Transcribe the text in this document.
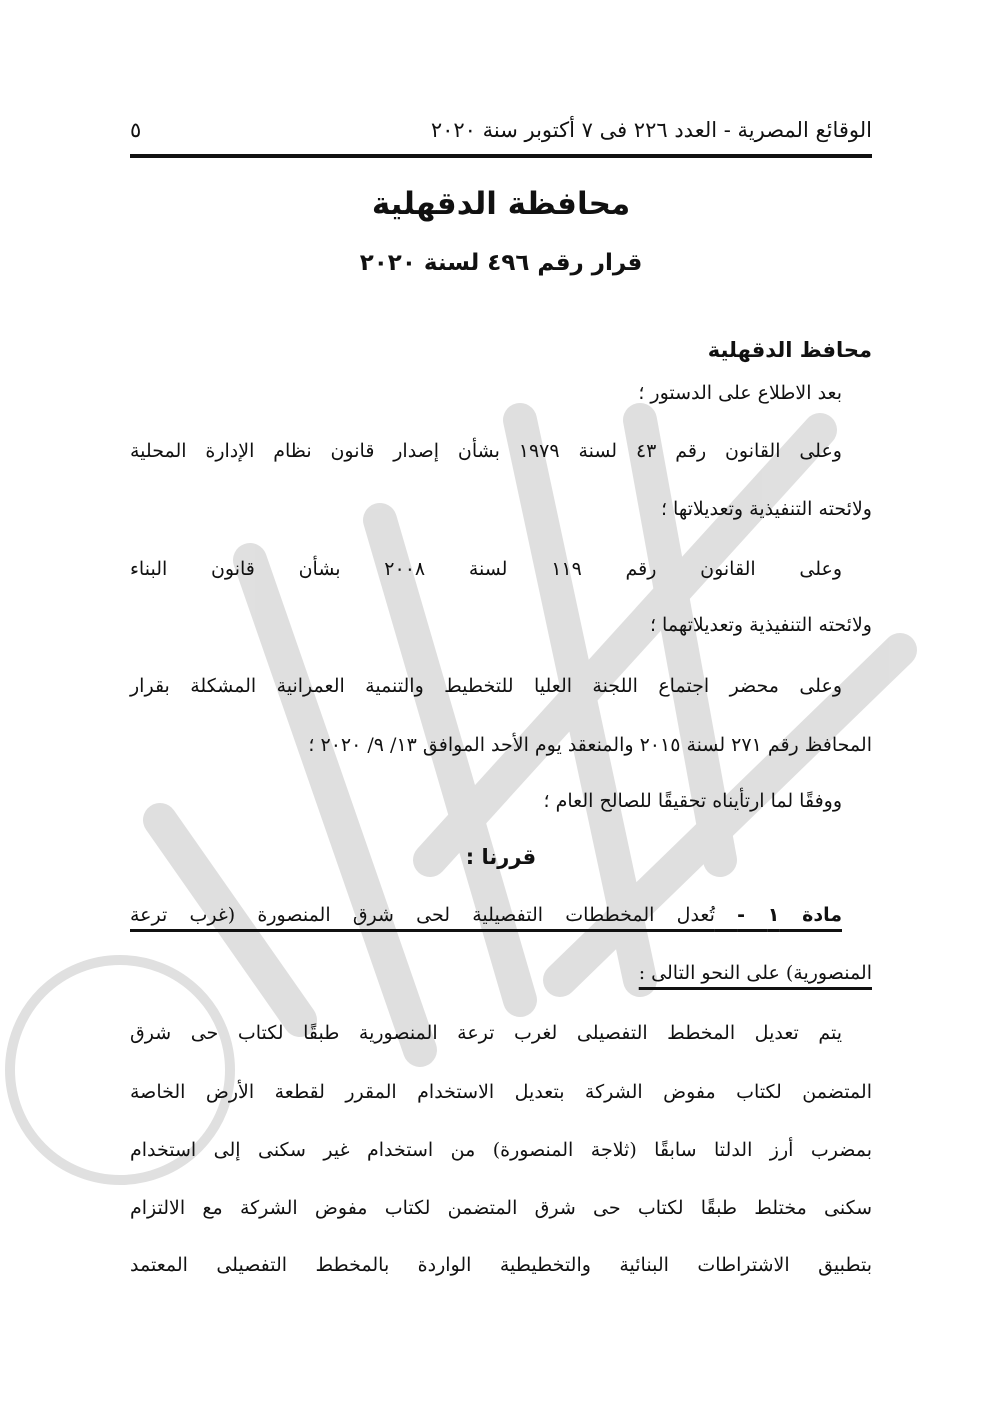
الوقائع المصرية - العدد ٢٢٦ فى ٧ أكتوبر سنة ٢٠٢٠
٥
محافظة الدقهلية
قرار رقم ٤٩٦ لسنة ٢٠٢٠
محافظ الدقهلية
بعد الاطلاع على الدستور ؛
وعلى القانون رقم ٤٣ لسنة ١٩٧٩ بشأن إصدار قانون نظام الإدارة المحلية
ولائحته التنفيذية وتعديلاتها ؛
وعلى القانون رقم ١١٩ لسنة ٢٠٠٨ بشأن قانون البناء
ولائحته التنفيذية وتعديلاتهما ؛
وعلى محضر اجتماع اللجنة العليا للتخطيط والتنمية العمرانية المشكلة بقرار
المحافظ رقم ٢٧١ لسنة ٢٠١٥ والمنعقد يوم الأحد الموافق ١٣/ ٩/ ٢٠٢٠ ؛
ووفقًا لما ارتأيناه تحقيقًا للصالح العام ؛
قررنا :
مادة ١ - تُعدل المخططات التفصيلية لحى شرق المنصورة (غرب ترعة
المنصورية) على النحو التالى :
يتم تعديل المخطط التفصيلى لغرب ترعة المنصورية طبقًا لكتاب حى شرق
المتضمن لكتاب مفوض الشركة بتعديل الاستخدام المقرر لقطعة الأرض الخاصة
بمضرب أرز الدلتا سابقًا (ثلاجة المنصورة) من استخدام غير سكنى إلى استخدام
سكنى مختلط طبقًا لكتاب حى شرق المتضمن لكتاب مفوض الشركة مع الالتزام
بتطبيق الاشتراطات البنائية والتخطيطية الواردة بالمخطط التفصيلى المعتمد
